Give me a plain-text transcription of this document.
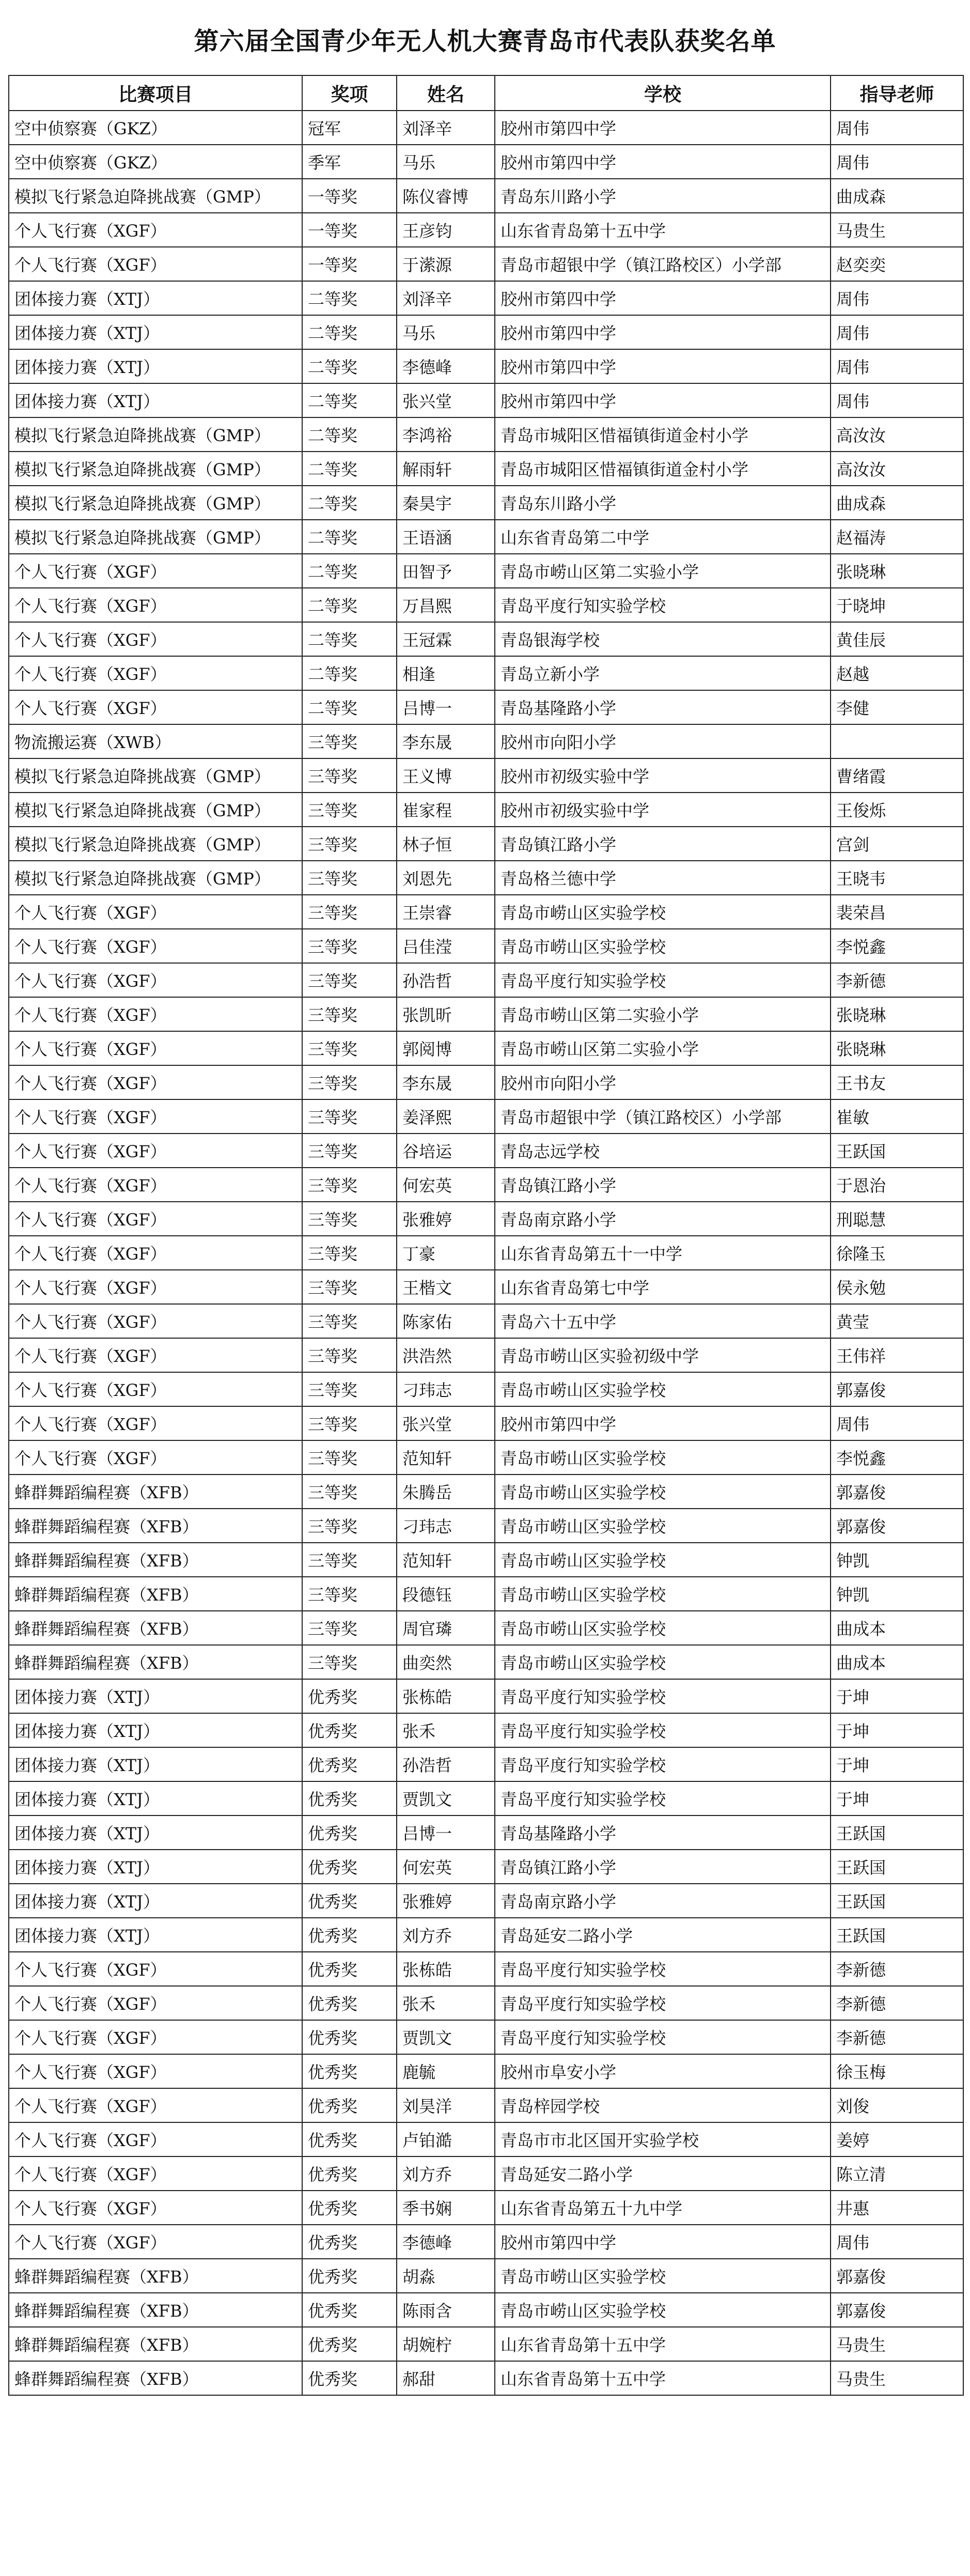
第六届全国青少年无人机大赛青岛市代表队获奖名单
比赛项目	奖项	姓名	学校	指导老师
空中侦察赛（GKZ）	冠军	刘泽辛	胶州市第四中学	周伟
空中侦察赛（GKZ）	季军	马乐	胶州市第四中学	周伟
模拟飞行紧急迫降挑战赛（GMP）	一等奖	陈仪睿博	青岛东川路小学	曲成森
个人飞行赛（XGF）	一等奖	王彦钧	山东省青岛第十五中学	马贵生
个人飞行赛（XGF）	一等奖	于潆源	青岛市超银中学（镇江路校区）小学部	赵奕奕
团体接力赛（XTJ）	二等奖	刘泽辛	胶州市第四中学	周伟
团体接力赛（XTJ）	二等奖	马乐	胶州市第四中学	周伟
团体接力赛（XTJ）	二等奖	李德峰	胶州市第四中学	周伟
团体接力赛（XTJ）	二等奖	张兴堂	胶州市第四中学	周伟
模拟飞行紧急迫降挑战赛（GMP）	二等奖	李鸿裕	青岛市城阳区惜福镇街道金村小学	高汝汝
模拟飞行紧急迫降挑战赛（GMP）	二等奖	解雨轩	青岛市城阳区惜福镇街道金村小学	高汝汝
模拟飞行紧急迫降挑战赛（GMP）	二等奖	秦昊宇	青岛东川路小学	曲成森
模拟飞行紧急迫降挑战赛（GMP）	二等奖	王语涵	山东省青岛第二中学	赵福涛
个人飞行赛（XGF）	二等奖	田智予	青岛市崂山区第二实验小学	张晓琳
个人飞行赛（XGF）	二等奖	万昌熙	青岛平度行知实验学校	于晓坤
个人飞行赛（XGF）	二等奖	王冠霖	青岛银海学校	黄佳辰
个人飞行赛（XGF）	二等奖	相逢	青岛立新小学	赵越
个人飞行赛（XGF）	二等奖	吕博一	青岛基隆路小学	李健
物流搬运赛（XWB）	三等奖	李东晟	胶州市向阳小学	
模拟飞行紧急迫降挑战赛（GMP）	三等奖	王义博	胶州市初级实验中学	曹绪霞
模拟飞行紧急迫降挑战赛（GMP）	三等奖	崔家程	胶州市初级实验中学	王俊烁
模拟飞行紧急迫降挑战赛（GMP）	三等奖	林子恒	青岛镇江路小学	宫剑
模拟飞行紧急迫降挑战赛（GMP）	三等奖	刘恩先	青岛格兰德中学	王晓韦
个人飞行赛（XGF）	三等奖	王崇睿	青岛市崂山区实验学校	裴荣昌
个人飞行赛（XGF）	三等奖	吕佳滢	青岛市崂山区实验学校	李悦鑫
个人飞行赛（XGF）	三等奖	孙浩哲	青岛平度行知实验学校	李新德
个人飞行赛（XGF）	三等奖	张凯昕	青岛市崂山区第二实验小学	张晓琳
个人飞行赛（XGF）	三等奖	郭阅博	青岛市崂山区第二实验小学	张晓琳
个人飞行赛（XGF）	三等奖	李东晟	胶州市向阳小学	王书友
个人飞行赛（XGF）	三等奖	姜泽熙	青岛市超银中学（镇江路校区）小学部	崔敏
个人飞行赛（XGF）	三等奖	谷培运	青岛志远学校	王跃国
个人飞行赛（XGF）	三等奖	何宏英	青岛镇江路小学	于恩治
个人飞行赛（XGF）	三等奖	张雅婷	青岛南京路小学	刑聪慧
个人飞行赛（XGF）	三等奖	丁豪	山东省青岛第五十一中学	徐隆玉
个人飞行赛（XGF）	三等奖	王楷文	山东省青岛第七中学	侯永勉
个人飞行赛（XGF）	三等奖	陈家佑	青岛六十五中学	黄莹
个人飞行赛（XGF）	三等奖	洪浩然	青岛市崂山区实验初级中学	王伟祥
个人飞行赛（XGF）	三等奖	刁玮志	青岛市崂山区实验学校	郭嘉俊
个人飞行赛（XGF）	三等奖	张兴堂	胶州市第四中学	周伟
个人飞行赛（XGF）	三等奖	范知轩	青岛市崂山区实验学校	李悦鑫
蜂群舞蹈编程赛（XFB）	三等奖	朱腾岳	青岛市崂山区实验学校	郭嘉俊
蜂群舞蹈编程赛（XFB）	三等奖	刁玮志	青岛市崂山区实验学校	郭嘉俊
蜂群舞蹈编程赛（XFB）	三等奖	范知轩	青岛市崂山区实验学校	钟凯
蜂群舞蹈编程赛（XFB）	三等奖	段德钰	青岛市崂山区实验学校	钟凯
蜂群舞蹈编程赛（XFB）	三等奖	周官璘	青岛市崂山区实验学校	曲成本
蜂群舞蹈编程赛（XFB）	三等奖	曲奕然	青岛市崂山区实验学校	曲成本
团体接力赛（XTJ）	优秀奖	张栋皓	青岛平度行知实验学校	于坤
团体接力赛（XTJ）	优秀奖	张禾	青岛平度行知实验学校	于坤
团体接力赛（XTJ）	优秀奖	孙浩哲	青岛平度行知实验学校	于坤
团体接力赛（XTJ）	优秀奖	贾凯文	青岛平度行知实验学校	于坤
团体接力赛（XTJ）	优秀奖	吕博一	青岛基隆路小学	王跃国
团体接力赛（XTJ）	优秀奖	何宏英	青岛镇江路小学	王跃国
团体接力赛（XTJ）	优秀奖	张雅婷	青岛南京路小学	王跃国
团体接力赛（XTJ）	优秀奖	刘方乔	青岛延安二路小学	王跃国
个人飞行赛（XGF）	优秀奖	张栋皓	青岛平度行知实验学校	李新德
个人飞行赛（XGF）	优秀奖	张禾	青岛平度行知实验学校	李新德
个人飞行赛（XGF）	优秀奖	贾凯文	青岛平度行知实验学校	李新德
个人飞行赛（XGF）	优秀奖	鹿毓	胶州市阜安小学	徐玉梅
个人飞行赛（XGF）	优秀奖	刘昊洋	青岛梓园学校	刘俊
个人飞行赛（XGF）	优秀奖	卢铂澔	青岛市市北区国开实验学校	姜婷
个人飞行赛（XGF）	优秀奖	刘方乔	青岛延安二路小学	陈立清
个人飞行赛（XGF）	优秀奖	季书娴	山东省青岛第五十九中学	井惠
个人飞行赛（XGF）	优秀奖	李德峰	胶州市第四中学	周伟
蜂群舞蹈编程赛（XFB）	优秀奖	胡淼	青岛市崂山区实验学校	郭嘉俊
蜂群舞蹈编程赛（XFB）	优秀奖	陈雨含	青岛市崂山区实验学校	郭嘉俊
蜂群舞蹈编程赛（XFB）	优秀奖	胡婉柠	山东省青岛第十五中学	马贵生
蜂群舞蹈编程赛（XFB）	优秀奖	郝甜	山东省青岛第十五中学	马贵生
